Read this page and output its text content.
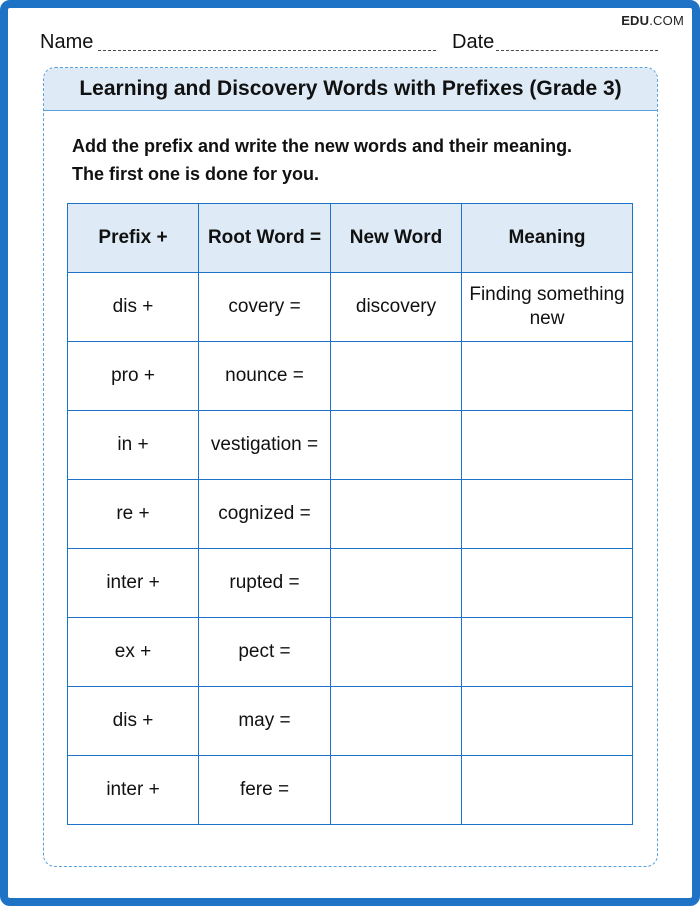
EDU.COM
Name	Date
Learning and Discovery Words with Prefixes (Grade 3)
Add the prefix and write the new words and their meaning.
The first one is done for you.
Prefix +	Root Word =	New Word	Meaning
dis +	covery =	discovery	Finding something new
pro +	nounce =		
in +	vestigation =		
re +	cognized =		
inter +	rupted =		
ex +	pect =		
dis +	may =		
inter +	fere =		
